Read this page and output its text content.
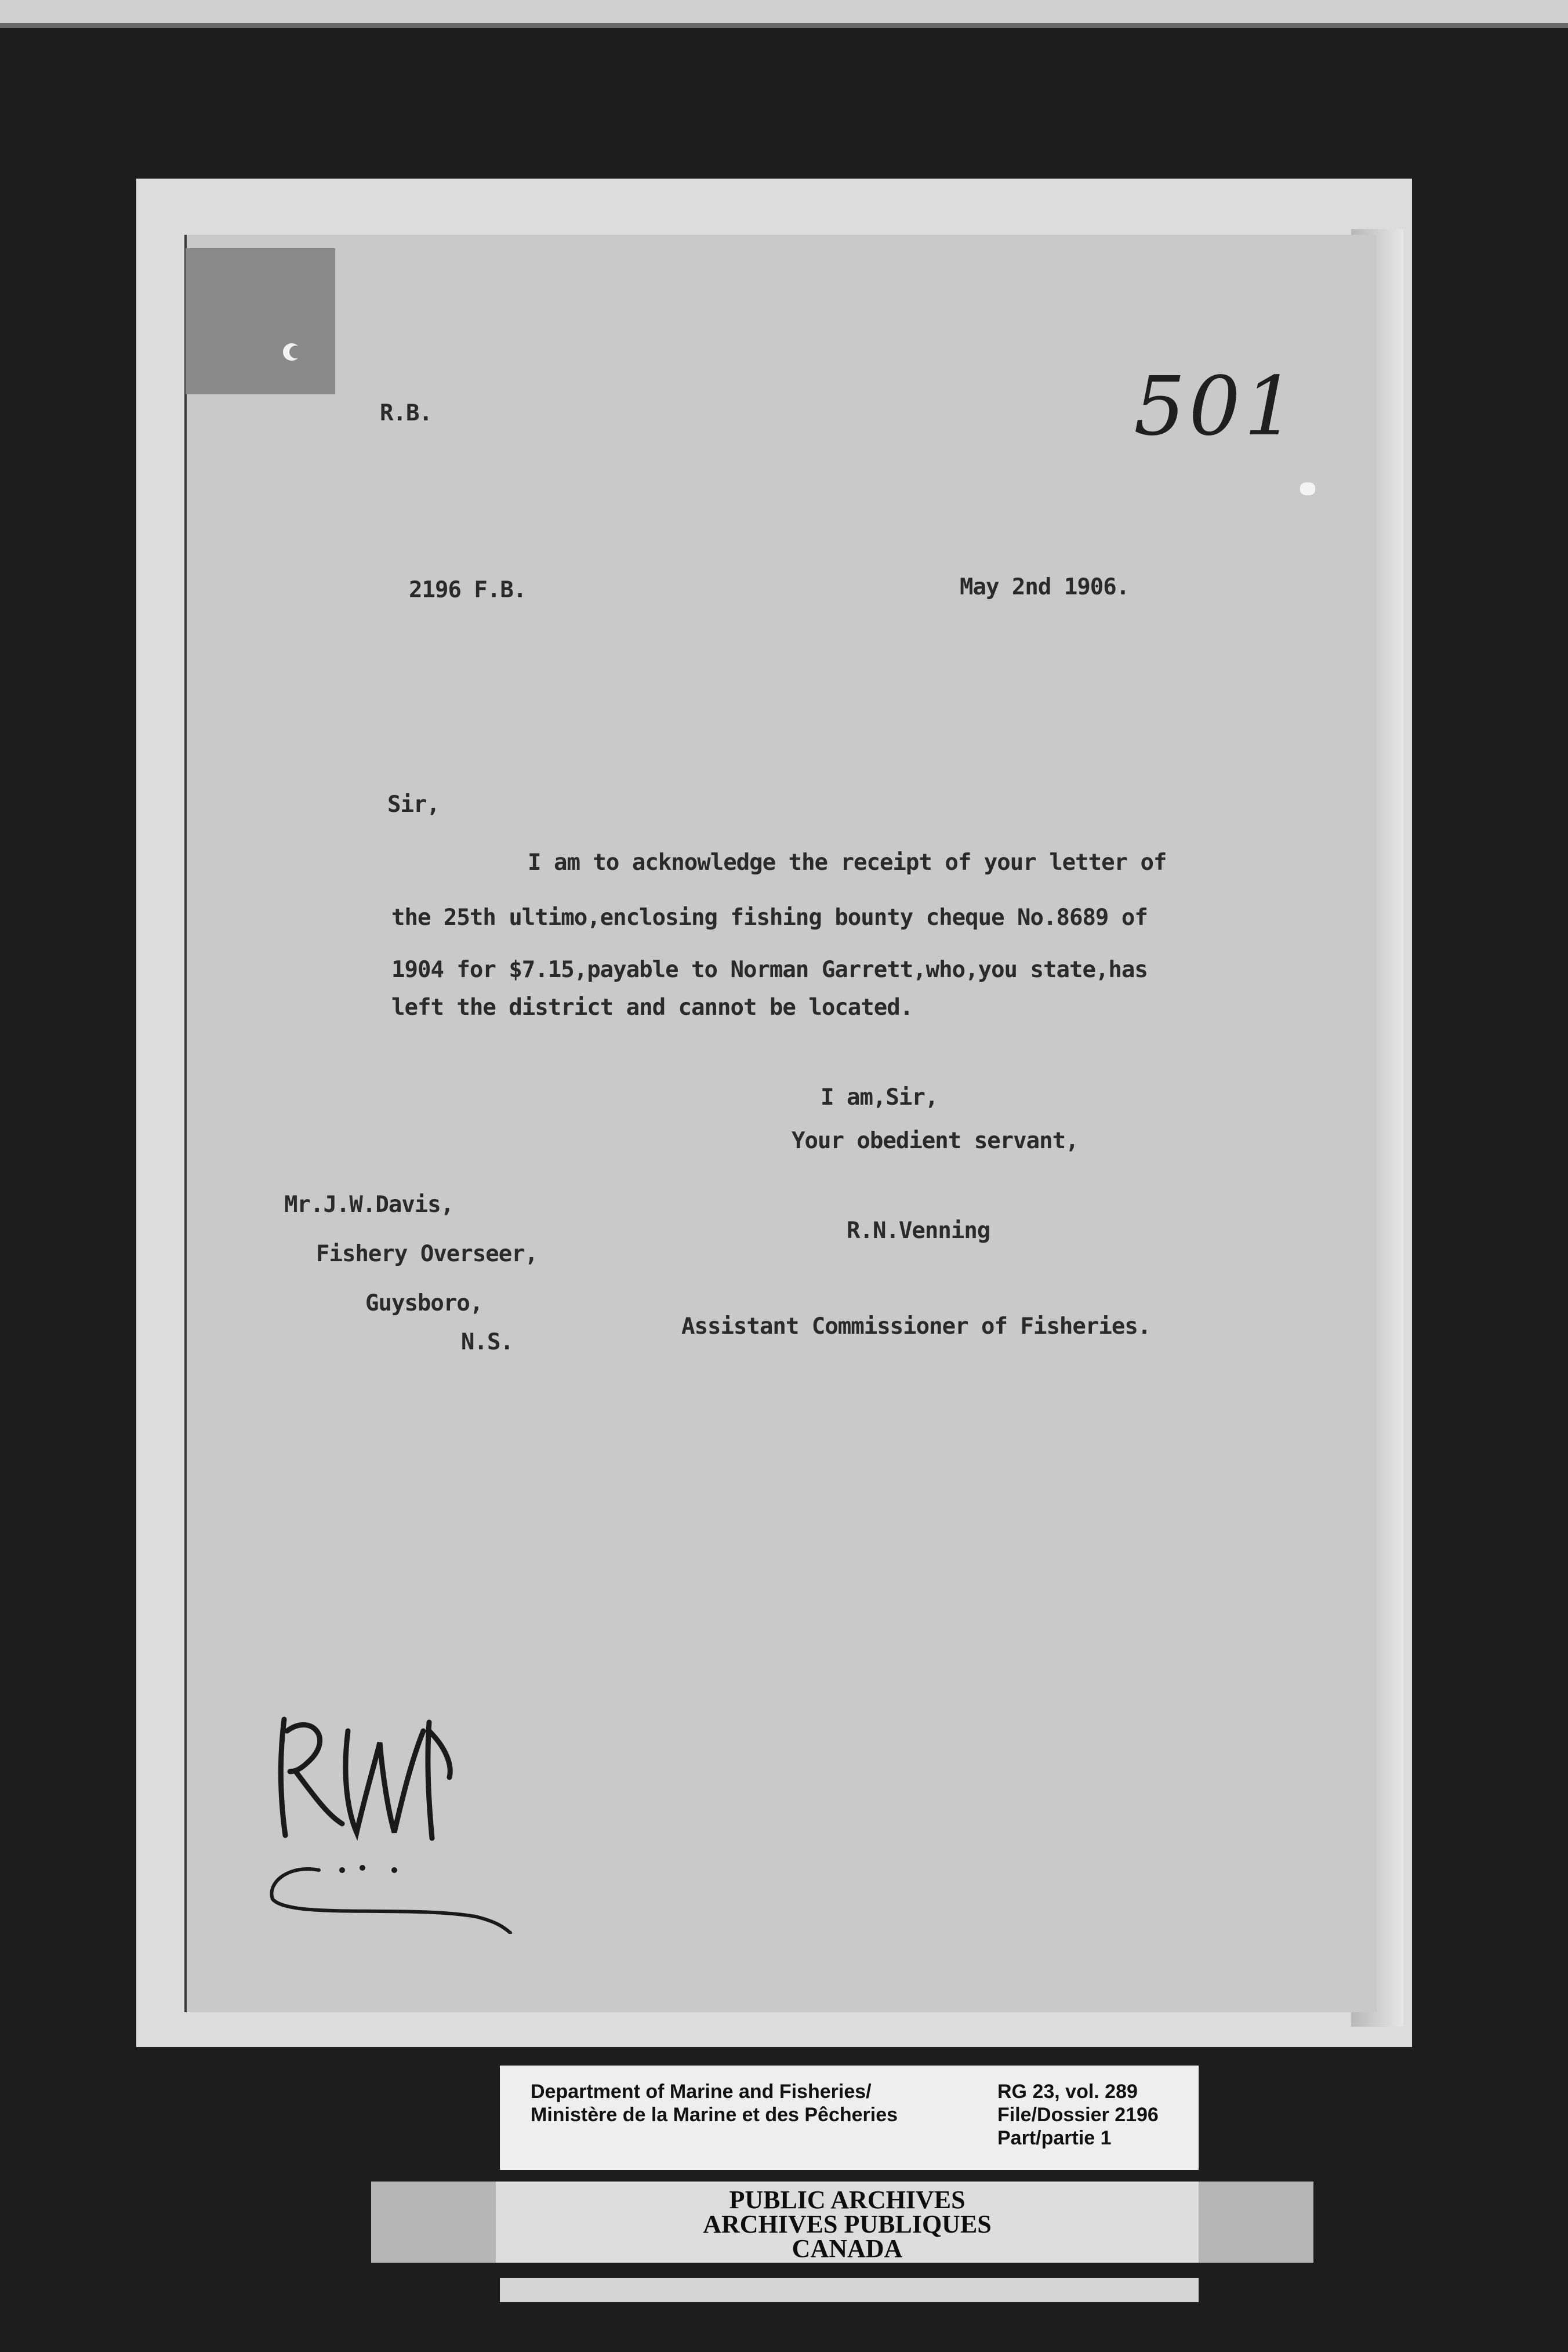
501

R.B.

2196 F.B.	May 2nd 1906.

Sir,

I am to acknowledge the receipt of your letter of

the 25th ultimo,enclosing fishing bounty cheque No.8689 of

1904 for $7.15,payable to Norman Garrett,who,you state,has

left the district and cannot be located.

I am,Sir,

Your obedient servant,

Mr.J.W.Davis,

Fishery Overseer,

Guysboro,

N.S.

R.N.Venning

Assistant Commissioner of Fisheries.

Department of Marine and Fisheries/

Ministère de la Marine et des Pêcheries

RG 23, vol. 289

File/Dossier 2196

Part/partie 1

PUBLIC ARCHIVES

ARCHIVES PUBLIQUES

CANADA
